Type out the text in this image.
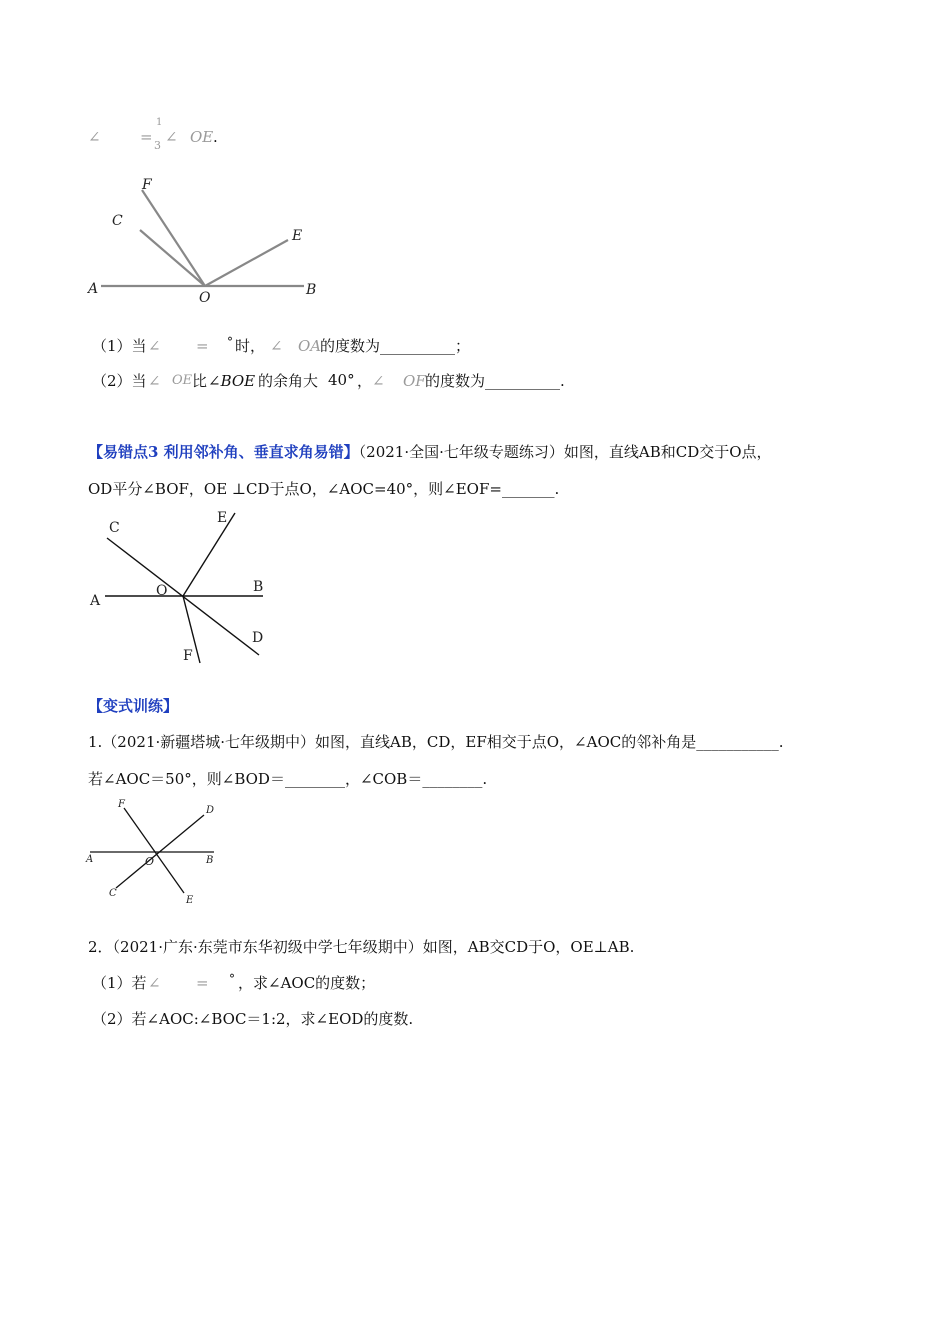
∠	=
1
3 ∠ OE .
F
C
E
A
O	B
（1）当 ∠ = ° 时， ∠ OA
的度数为__________；
（2）当 ∠ OE 比 ∠BOE 的余角大 40° ， ∠ OF 的度数为__________.
【易错点3 利用邻补角、垂直求角易错】（2021·全国·七年级专题练习）如图，直线AB和CD交于O点，
OD平分∠BOF，OE ⊥CD于点O，∠AOC=40°，则∠EOF=_______.
C
E
A
O	B
D
F
【变式训练】
1.（2021·新疆塔城·七年级期中）如图，直线AB，CD，EF相交于点O，∠AOC的邻补角是___________.
若∠AOC＝50°，则∠BOD＝________，∠COB＝________.
F
D
A	O	B
C
E
2．（2021·广东·东莞市东华初级中学七年级期中）如图，AB交CD于O，OE⊥AB.
（1）若 ∠ = ° ，求∠AOC的度数；
（2）若∠AOC:∠BOC＝1:2，求∠EOD的度数.
